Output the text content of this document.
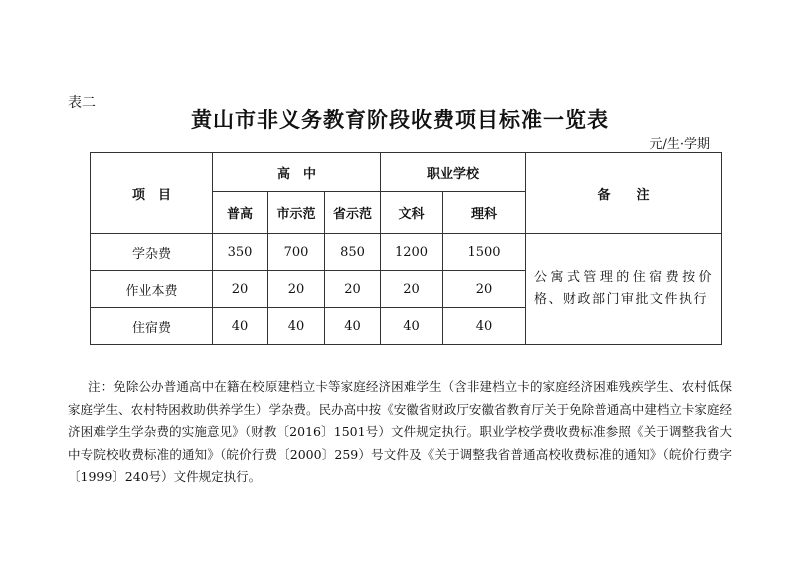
表二
黄山市非义务教育阶段收费项目标准一览表
元/生·学期
项　目	高　中			职业学校		备　　注
	普高	市示范	省示范	文科	理科	
学杂费	350	700	850	1200	1500	公寓式管理的住宿费按价格、财政部门审批文件执行
作业本费	20	20	20	20	20	
住宿费	40	40	40	40	40	
注：免除公办普通高中在籍在校原建档立卡等家庭经济困难学生（含非建档立卡的家庭经济困难残疾学生、农村低保家庭学生、农村特困救助供养学生）学杂费。民办高中按《安徽省财政厅安徽省教育厅关于免除普通高中建档立卡家庭经济困难学生学杂费的实施意见》（财教〔2016〕1501号）文件规定执行。职业学校学费收费标准参照《关于调整我省大中专院校收费标准的通知》（皖价行费〔2000〕259）号文件及《关于调整我省普通高校收费标准的通知》（皖价行费字〔1999〕240号）文件规定执行。
